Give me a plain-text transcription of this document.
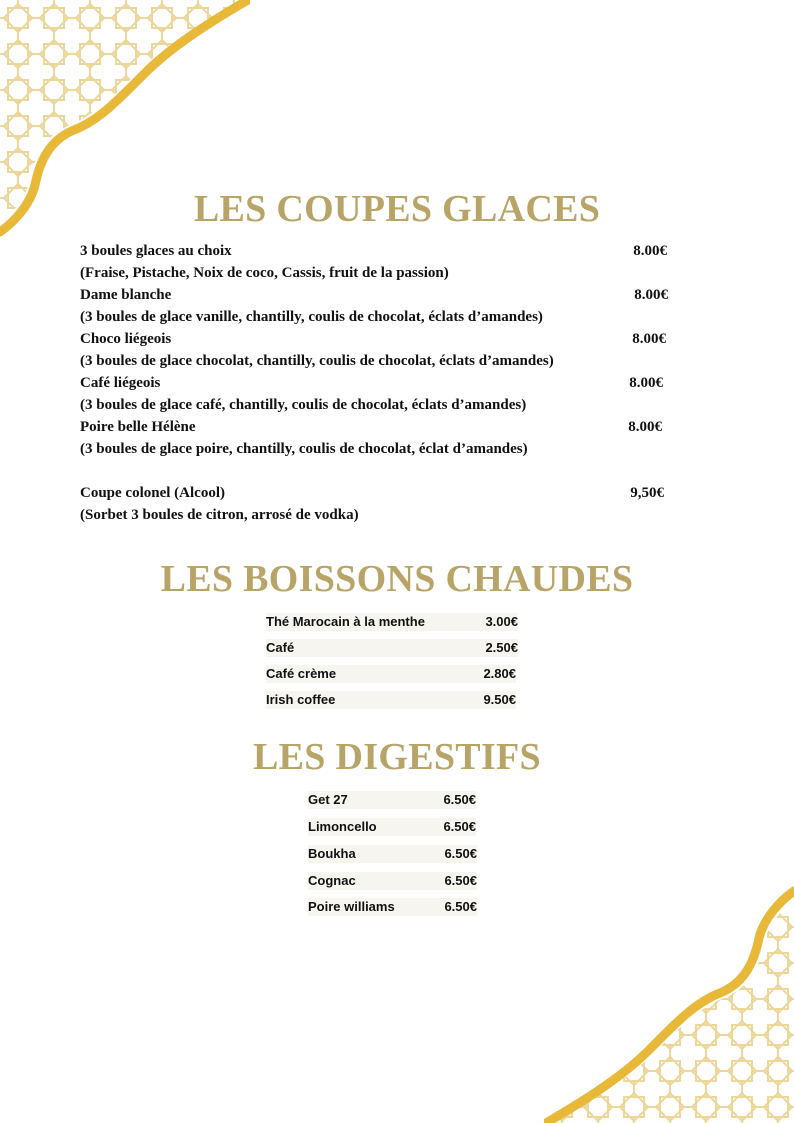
LES COUPES GLACES
3 boules glaces au choix	8.00€
(Fraise, Pistache, Noix de coco, Cassis, fruit de la passion)
Dame blanche	8.00€
(3 boules de glace vanille, chantilly, coulis de chocolat, éclats d’amandes)
Choco liégeois	8.00€
(3 boules de glace chocolat, chantilly, coulis de chocolat, éclats d’amandes)
Café liégeois	8.00€
(3 boules de glace café, chantilly, coulis de chocolat, éclats d’amandes)
Poire belle Hélène	8.00€
(3 boules de glace poire, chantilly, coulis de chocolat, éclat d’amandes)
Coupe colonel (Alcool)	9,50€
(Sorbet 3 boules de citron, arrosé de vodka)
LES BOISSONS CHAUDES
Thé Marocain à la menthe	3.00€
Café	2.50€
Café crème	2.80€
Irish coffee	9.50€
LES DIGESTIFS
Get 27	6.50€
Limoncello	6.50€
Boukha	6.50€
Cognac	6.50€
Poire williams	6.50€
